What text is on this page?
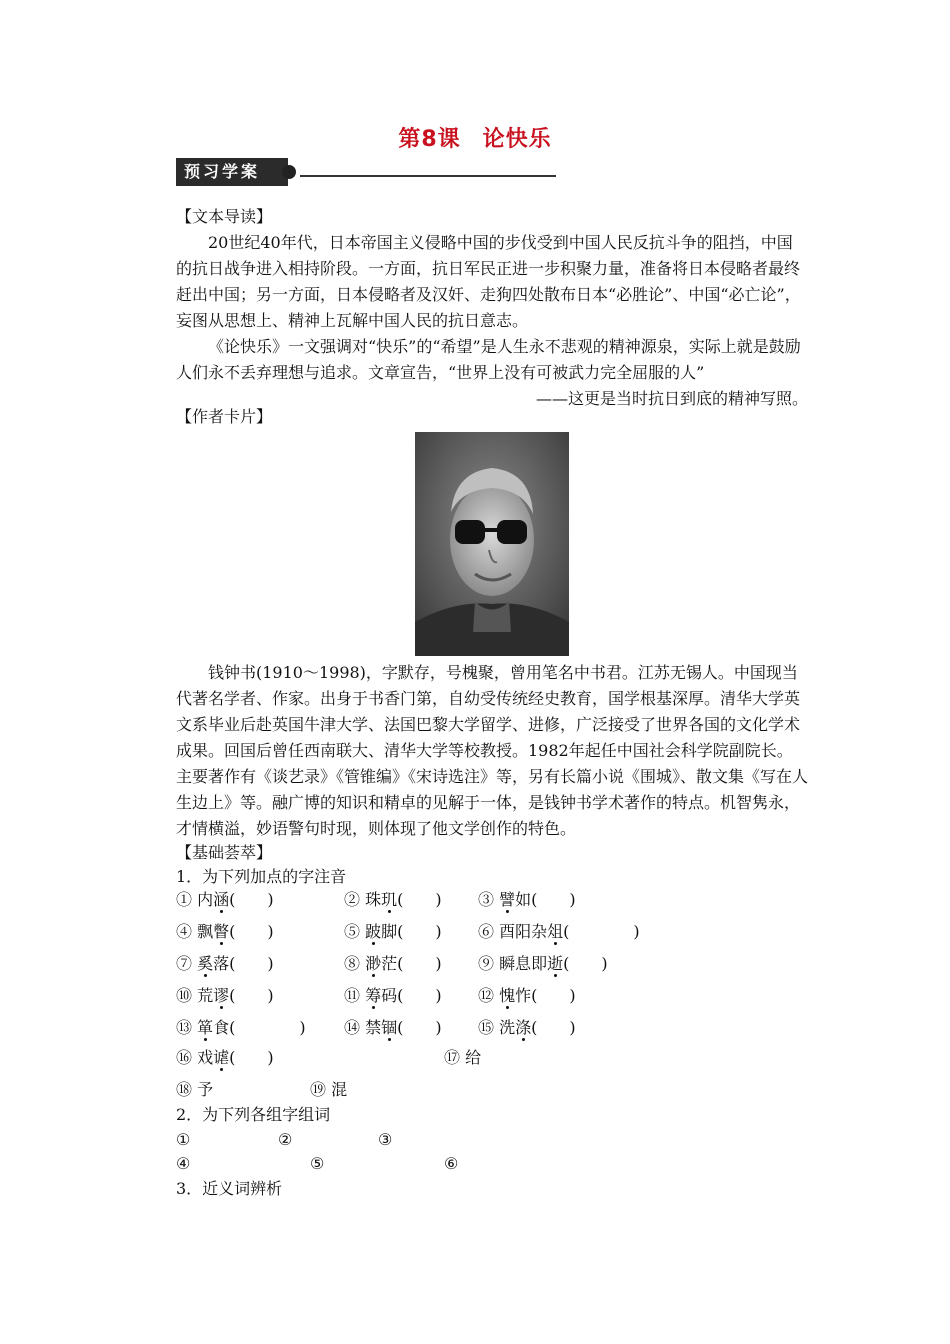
第8课 论快乐
预习学案
【文本导读】

20世纪40年代，日本帝国主义侵略中国的步伐受到中国人民反抗斗争的阻挡，中国的抗日战争进入相持阶段。一方面，抗日军民正进一步积聚力量，准备将日本侵略者最终赶出中国；另一方面，日本侵略者及汉奸、走狗四处散布日本“必胜论”、中国“必亡论”，妄图从思想上、精神上瓦解中国人民的抗日意志。

《论快乐》一文强调对“快乐”的“希望”是人生永不悲观的精神源泉，实际上就是鼓励人们永不丢弃理想与追求。文章宣告，“世界上没有可被武力完全屈服的人”

——这更是当时抗日到底的精神写照。

【作者卡片】

钱钟书(1910～1998)，字默存，号槐聚，曾用笔名中书君。江苏无锡人。中国现当代著名学者、作家。出身于书香门第，自幼受传统经史教育，国学根基深厚。清华大学英文系毕业后赴英国牛津大学、法国巴黎大学留学、进修，广泛接受了世界各国的文化学术成果。回国后曾任西南联大、清华大学等校教授。1982年起任中国社会科学院副院长。主要著作有《谈艺录》《管锥编》《宋诗选注》等，另有长篇小说《围城》、散文集《写在人生边上》等。融广博的知识和精卓的见解于一体，是钱钟书学术著作的特点。机智隽永，才情横溢，妙语警句时现，则体现了他文学创作的特色。

【基础荟萃】
1．为下列加点的字注音
① 内涵(　　)	② 珠玑(　　) ③ 譬如(　　)
④ 飘瞥(　　)	⑤ 跛脚(　　) ⑥ 酉阳杂俎(　　　　)
⑦ 奚落(　　)	⑧ 渺茫(　　) ⑨ 瞬息即逝(　　)
⑩ 荒谬(　　)	⑪ 筹码(　　) ⑫ 愧怍(　　)
⑬ 箪食(　　　　) ⑭ 禁锢(　　) ⑮ 洗涤(　　)
⑯ 戏谑(　　)	⑰ 给
⑱ 予	⑲ 混
2．为下列各组字组词
①	②	③
④	⑤	⑥
3．近义词辨析
